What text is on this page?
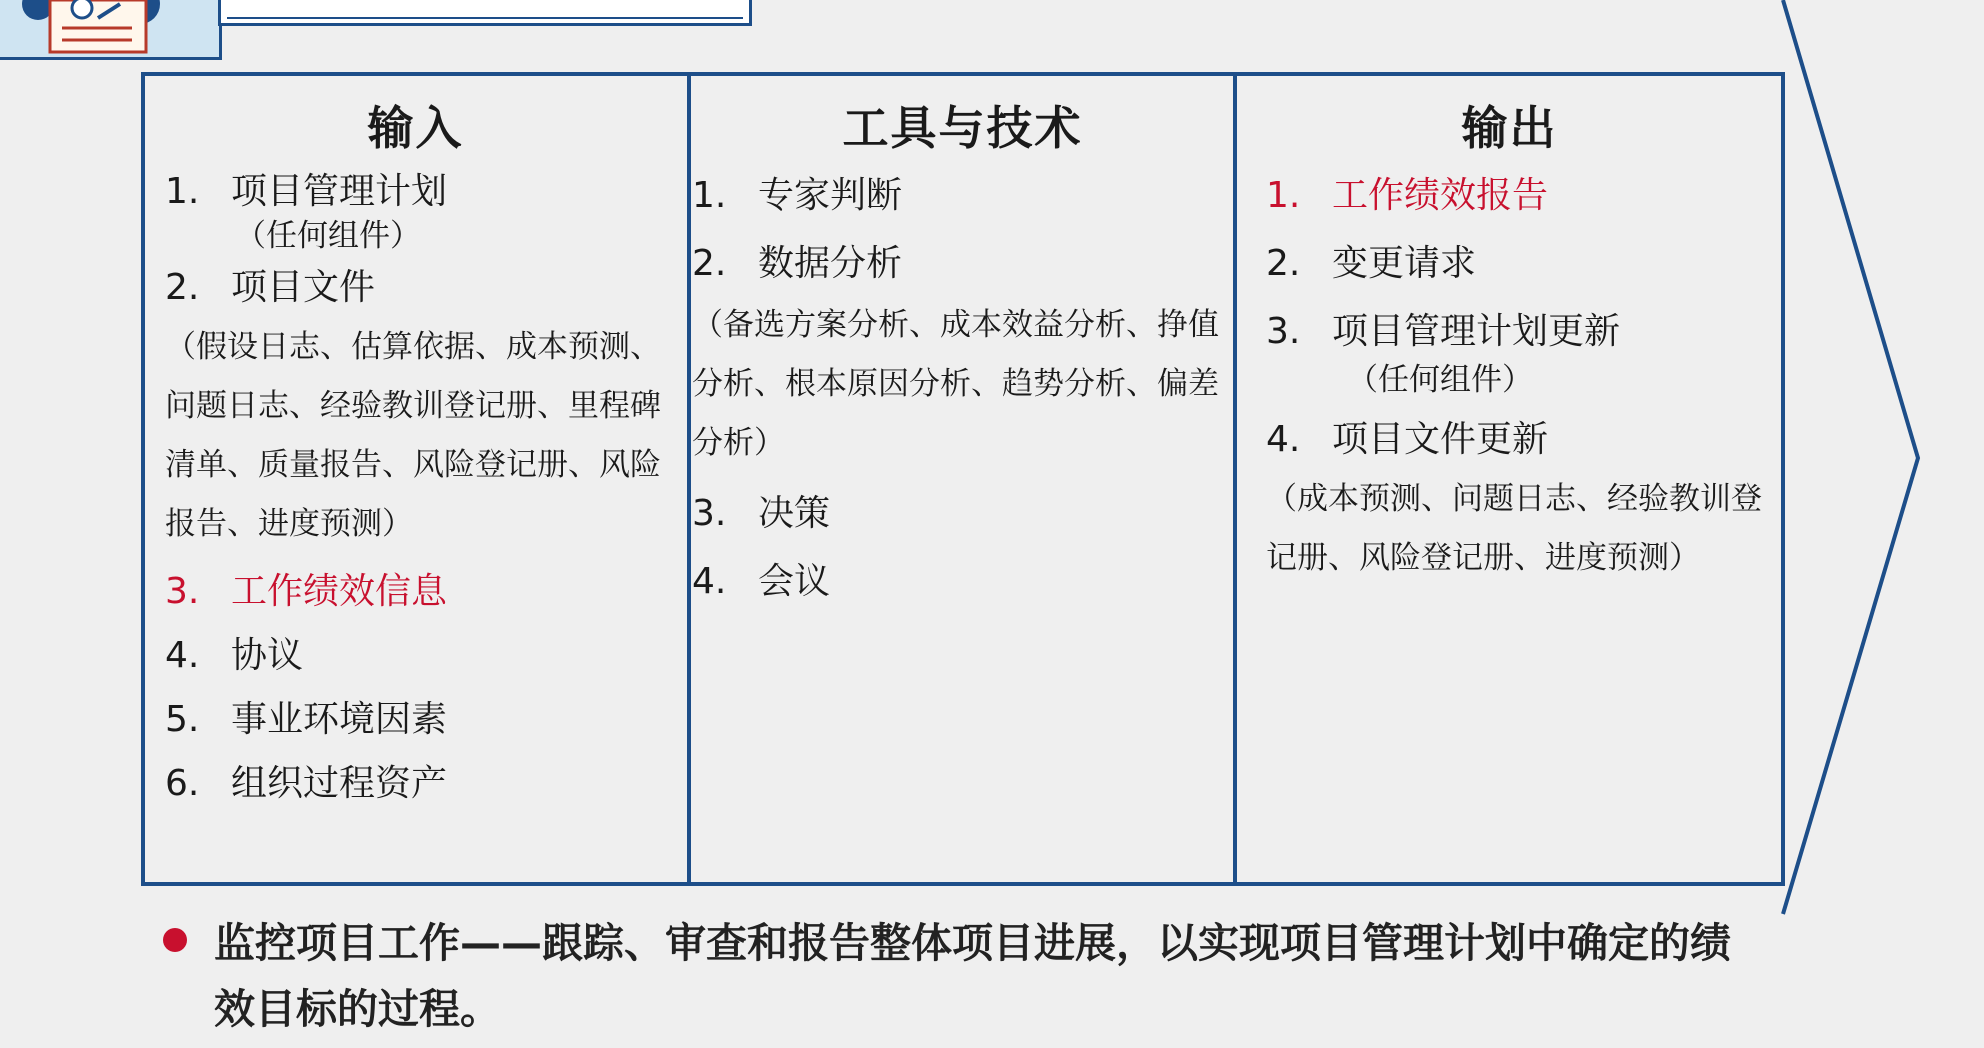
输入
1. 项目管理计划
（任何组件）
2. 项目文件
（假设日志、估算依据、成本预测、问题日志、经验教训登记册、里程碑清单、质量报告、风险登记册、风险报告、进度预测）
3. 工作绩效信息
4. 协议
5. 事业环境因素
6. 组织过程资产
工具与技术
1. 专家判断
2. 数据分析
（备选方案分析、成本效益分析、挣值分析、根本原因分析、趋势分析、偏差分析）
3. 决策
4. 会议
输出
1. 工作绩效报告
2. 变更请求
3. 项目管理计划更新
（任何组件）
4. 项目文件更新
（成本预测、问题日志、经验教训登记册、风险登记册、进度预测）
监控项目工作——跟踪、审查和报告整体项目进展，以实现项目管理计划中确定的绩效目标的过程。
